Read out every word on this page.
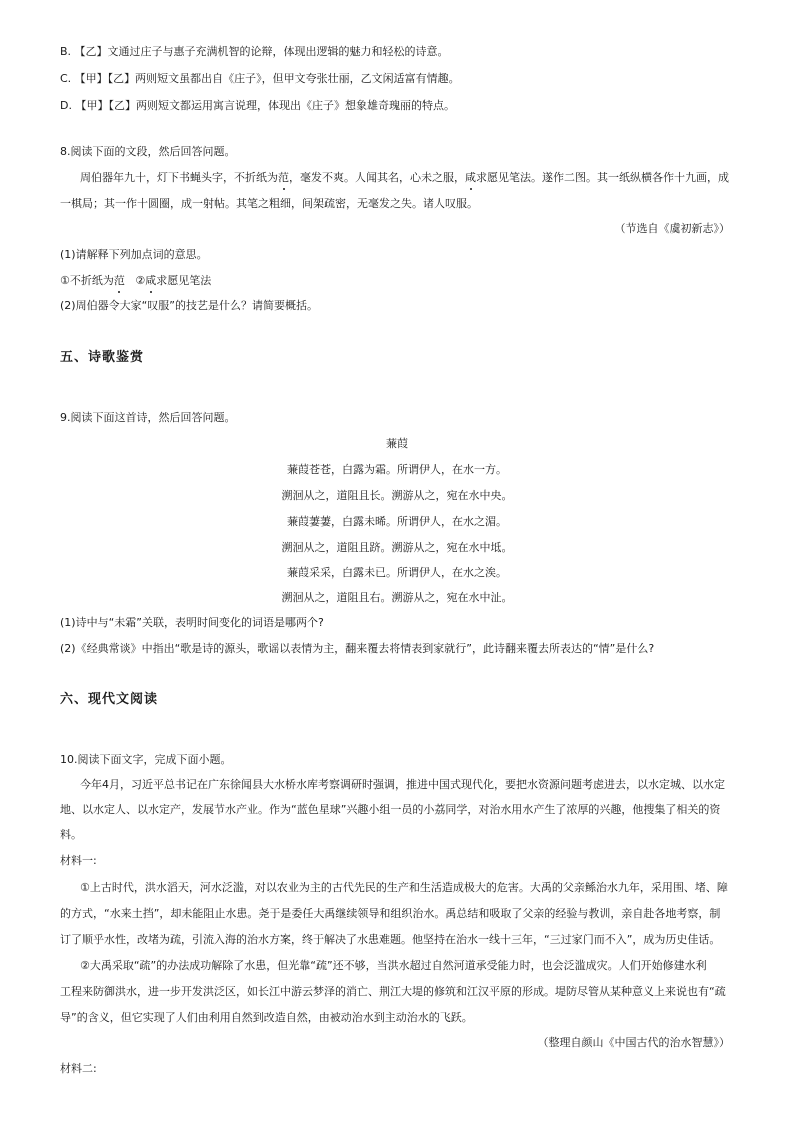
B. 【乙】文通过庄子与惠子充满机智的论辩，体现出逻辑的魅力和轻松的诗意。
C. 【甲】【乙】两则短文虽都出自《庄子》，但甲文夸张壮丽，乙文闲适富有情趣。
D. 【甲】【乙】两则短文都运用寓言说理，体现出《庄子》想象雄奇瑰丽的特点。
8.阅读下面的文段，然后回答问题。
周伯器年九十，灯下书蝇头字，不折纸为范，毫发不爽。人闻其名，心未之服，咸求愿见笔法。遂作二图。其一纸纵横各作十九画，成
一棋局；其一作十圆圈，成一射帖。其笔之粗细，间架疏密，无毫发之失。诸人叹服。
（节选自《虞初新志》）
(1)请解释下列加点词的意思。
①不折纸为范   ②咸求愿见笔法
(2)周伯器令大家“叹服”的技艺是什么？请简要概括。
五、诗歌鉴赏
9.阅读下面这首诗，然后回答问题。
蒹葭
蒹葭苍苍，白露为霜。所谓伊人，在水一方。
溯洄从之，道阻且长。溯游从之，宛在水中央。
蒹葭萋萋，白露未晞。所谓伊人，在水之湄。
溯洄从之，道阻且跻。溯游从之，宛在水中坻。
蒹葭采采，白露未已。所谓伊人，在水之涘。
溯洄从之，道阻且右。溯游从之，宛在水中沚。
(1)诗中与“未霜”关联，表明时间变化的词语是哪两个?
(2)《经典常谈》中指出“歌是诗的源头，歌谣以表情为主，翻来覆去将情表到家就行”，此诗翻来覆去所表达的“情”是什么?
六、现代文阅读
10.阅读下面文字，完成下面小题。
今年4月，习近平总书记在广东徐闻县大水桥水库考察调研时强调，推进中国式现代化，要把水资源问题考虑进去，以水定城、以水定
地、以水定人、以水定产，发展节水产业。作为“蓝色星球”兴趣小组一员的小荔同学，对治水用水产生了浓厚的兴趣，他搜集了相关的资
料。
材料一:
①上古时代，洪水滔天，河水泛滥，对以农业为主的古代先民的生产和生活造成极大的危害。大禹的父亲鲧治水九年，采用围、堵、障
的方式，“水来土挡”，却未能阻止水患。尧于是委任大禹继续领导和组织治水。禹总结和吸取了父亲的经验与教训，亲自赴各地考察，制
订了顺乎水性，改堵为疏，引流入海的治水方案，终于解决了水患难题。他坚持在治水一线十三年，“三过家门而不入”，成为历史佳话。
②大禹采取“疏”的办法成功解除了水患，但光靠“疏”还不够，当洪水超过自然河道承受能力时，也会泛滥成灾。人们开始修建水利
工程来防御洪水，进一步开发洪泛区，如长江中游云梦泽的消亡、荆江大堤的修筑和江汉平原的形成。堤防尽管从某种意义上来说也有“疏
导”的含义，但它实现了人们由利用自然到改造自然，由被动治水到主动治水的飞跃。
（整理自颜山《中国古代的治水智慧》）
材料二:
